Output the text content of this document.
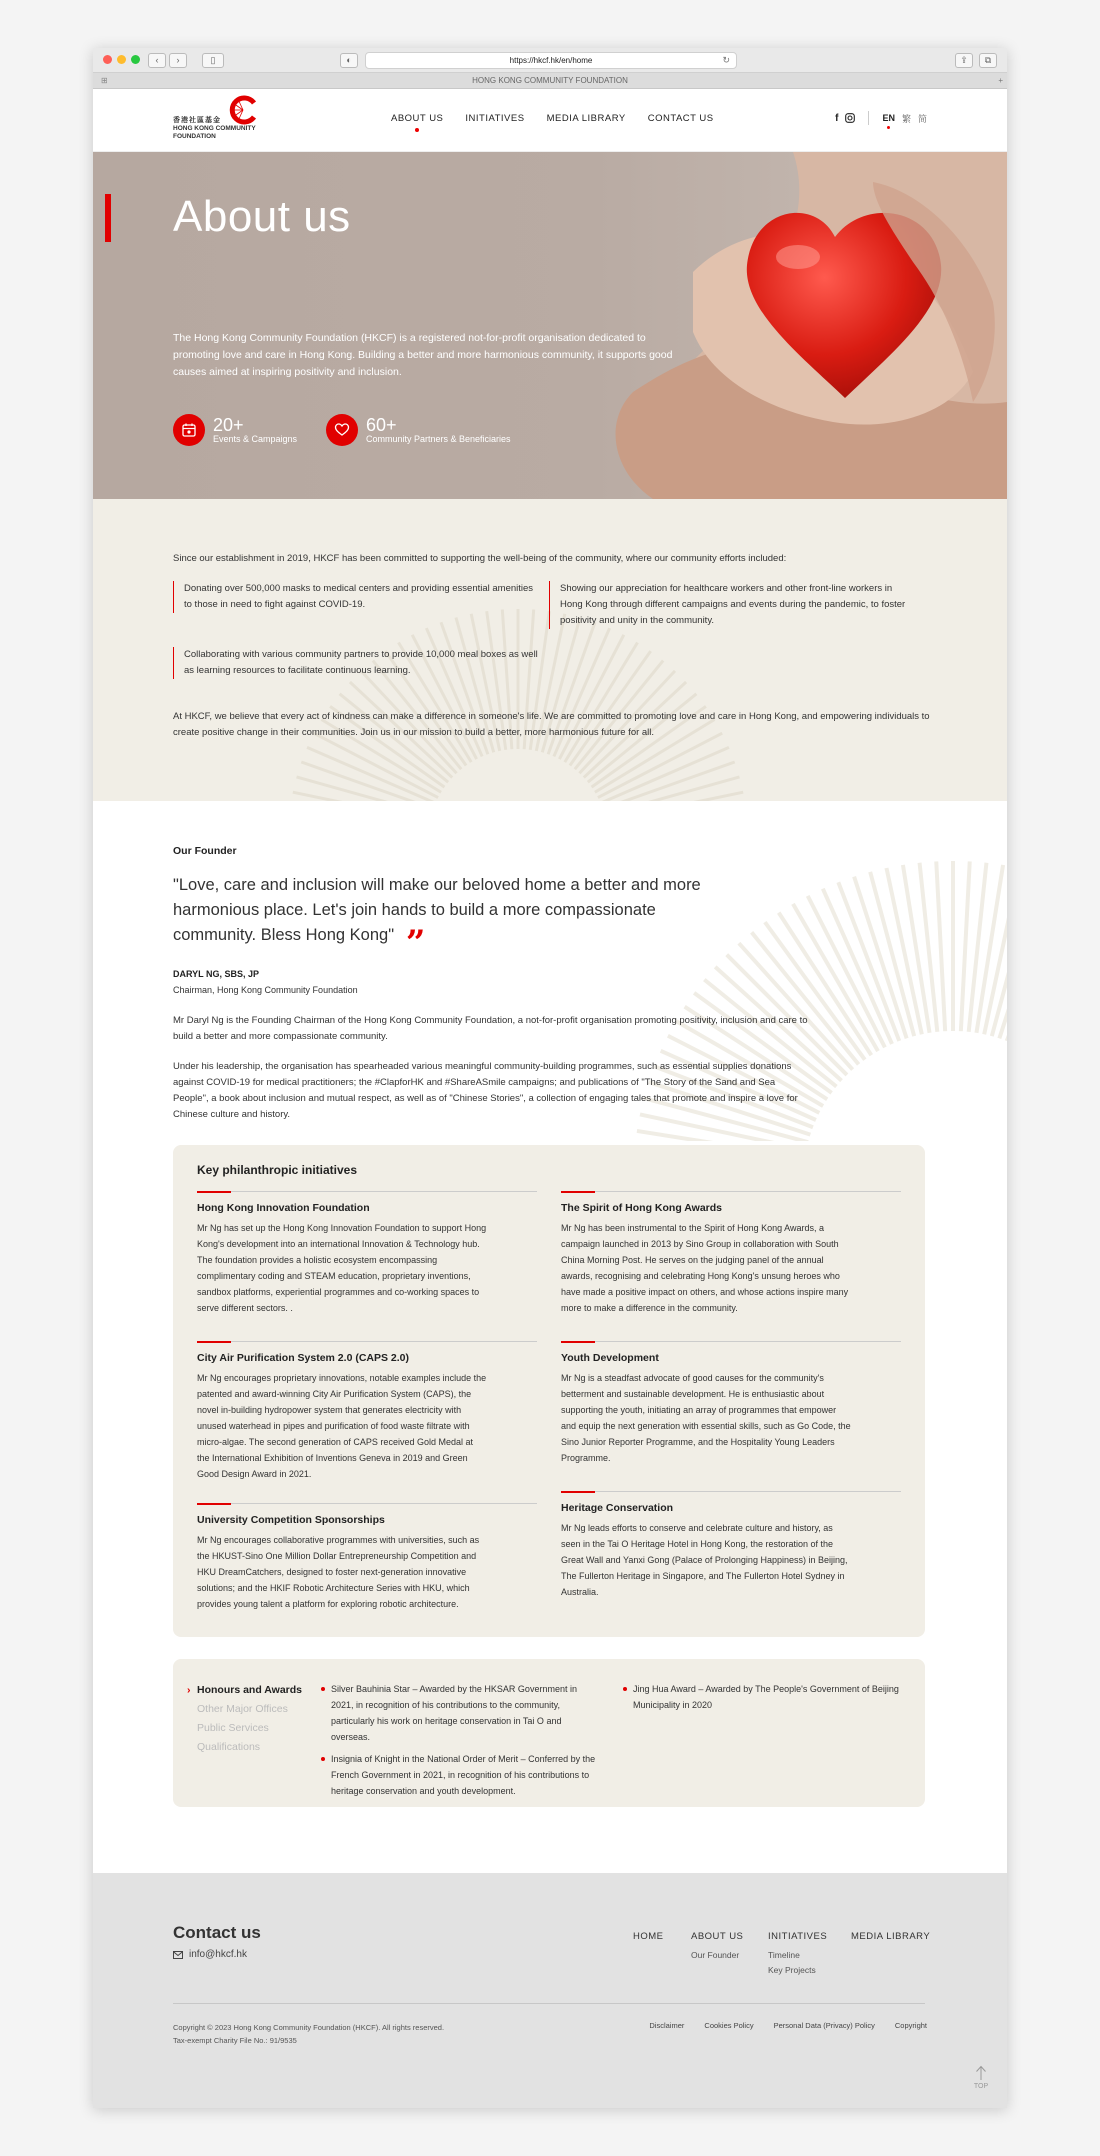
‹	›	▯	◐	https://hkcf.hk/en/home	↻	⇪	⧉
⊞	HONG KONG COMMUNITY FOUNDATION	+
香港社區基金
HONG KONG COMMUNITY FOUNDATION
ABOUT US INITIATIVES MEDIA LIBRARY CONTACT US	f	EN 繁 简
About us

The Hong Kong Community Foundation (HKCF) is a registered not-for-profit organisation dedicated to promoting love and care in Hong Kong. Building a better and more harmonious community, it supports good causes aimed at inspiring positivity and inclusion.

20+
Events & Campaigns
60+
Community Partners & Beneficiaries

Since our establishment in 2019, HKCF has been committed to supporting the well-being of the community, where our community efforts included:

Donating over 500,000 masks to medical centers and providing essential amenities to those in need to fight against COVID-19.
Showing our appreciation for healthcare workers and other front-line workers in Hong Kong through different campaigns and events during the pandemic, to foster positivity and unity in the community.
Collaborating with various community partners to provide 10,000 meal boxes as well as learning resources to facilitate continuous learning.

At HKCF, we believe that every act of kindness can make a difference in someone's life. We are committed to promoting love and care in Hong Kong, and empowering individuals to create positive change in their communities. Join us in our mission to build a better, more harmonious future for all.

Our Founder

"Love, care and inclusion will make our beloved home a better and more harmonious place. Let's join hands to build a more compassionate community. Bless Hong Kong" ”

DARYL NG, SBS, JP
Chairman, Hong Kong Community Foundation

Mr Daryl Ng is the Founding Chairman of the Hong Kong Community Foundation, a not-for-profit organisation promoting positivity, inclusion and care to build a better and more compassionate community.

Under his leadership, the organisation has spearheaded various meaningful community-building programmes, such as essential supplies donations against COVID-19 for medical practitioners; the #ClapforHK and #ShareASmile campaigns; and publications of "The Story of the Sand and Sea People", a book about inclusion and mutual respect, as well as of "Chinese Stories", a collection of engaging tales that promote and inspire a love for Chinese culture and history.

Key philanthropic initiatives
Hong Kong Innovation Foundation

Mr Ng has set up the Hong Kong Innovation Foundation to support Hong Kong's development into an international Innovation & Technology hub. The foundation provides a holistic ecosystem encompassing complimentary coding and STEAM education, proprietary inventions, sandbox platforms, experiential programmes and co-working spaces to serve different sectors. .

The Spirit of Hong Kong Awards

Mr Ng has been instrumental to the Spirit of Hong Kong Awards, a campaign launched in 2013 by Sino Group in collaboration with South China Morning Post. He serves on the judging panel of the annual awards, recognising and celebrating Hong Kong's unsung heroes who have made a positive impact on others, and whose actions inspire many more to make a difference in the community.

City Air Purification System 2.0 (CAPS 2.0)

Mr Ng encourages proprietary innovations, notable examples include the patented and award-winning City Air Purification System (CAPS), the novel in-building hydropower system that generates electricity with unused waterhead in pipes and purification of food waste filtrate with micro-algae. The second generation of CAPS received Gold Medal at the International Exhibition of Inventions Geneva in 2019 and Green Good Design Award in 2021.

Youth Development

Mr Ng is a steadfast advocate of good causes for the community's betterment and sustainable development. He is enthusiastic about supporting the youth, initiating an array of programmes that empower and equip the next generation with essential skills, such as Go Code, the Sino Junior Reporter Programme, and the Hospitality Young Leaders Programme.

University Competition Sponsorships

Mr Ng encourages collaborative programmes with universities, such as the HKUST-Sino One Million Dollar Entrepreneurship Competition and HKU DreamCatchers, designed to foster next-generation innovative solutions; and the HKIF Robotic Architecture Series with HKU, which provides young talent a platform for exploring robotic architecture.

Heritage Conservation

Mr Ng leads efforts to conserve and celebrate culture and history, as seen in the Tai O Heritage Hotel in Hong Kong, the restoration of the Great Wall and Yanxi Gong (Palace of Prolonging Happiness) in Beijing, The Fullerton Heritage in Singapore, and The Fullerton Hotel Sydney in Australia.

› Honours and Awards
Other Major Offices
Public Services
Qualifications
Silver Bauhinia Star – Awarded by the HKSAR Government in 2021, in recognition of his contributions to the community, particularly his work on heritage conservation in Tai O and overseas.
Insignia of Knight in the National Order of Merit – Conferred by the French Government in 2021, in recognition of his contributions to heritage conservation and youth development.
Jing Hua Award – Awarded by The People's Government of Beijing Municipality in 2020
Contact us
info@hkcf.hk
HOME	ABOUT US
Our Founder
INITIATIVES
Timeline
Key Projects
MEDIA LIBRARY
Copyright © 2023 Hong Kong Community Foundation (HKCF). All rights reserved.
Tax-exempt Charity File No.: 91/9535
Disclaimer	Cookies Policy	Personal Data (Privacy) Policy	Copyright
TOP
